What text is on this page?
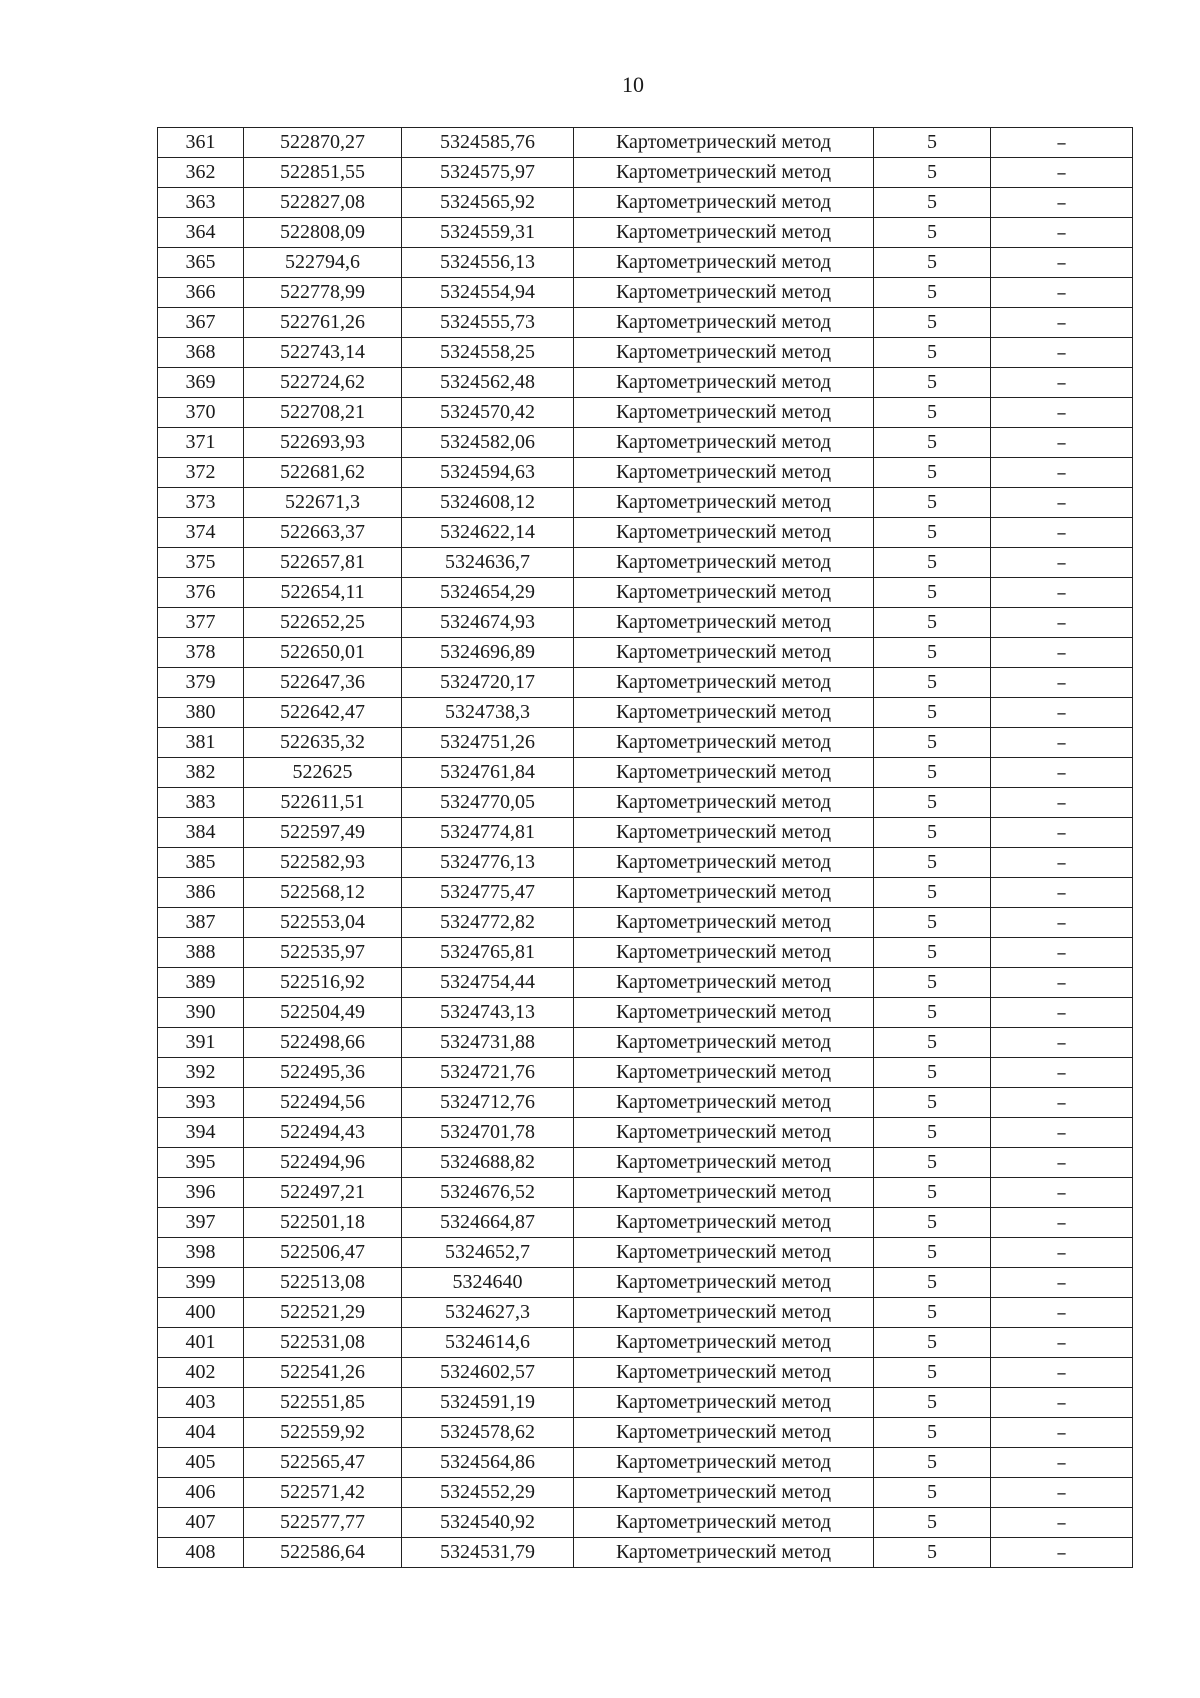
10
361	522870,27	5324585,76	Картометрический метод	5	–
362	522851,55	5324575,97	Картометрический метод	5	–
363	522827,08	5324565,92	Картометрический метод	5	–
364	522808,09	5324559,31	Картометрический метод	5	–
365	522794,6	5324556,13	Картометрический метод	5	–
366	522778,99	5324554,94	Картометрический метод	5	–
367	522761,26	5324555,73	Картометрический метод	5	–
368	522743,14	5324558,25	Картометрический метод	5	–
369	522724,62	5324562,48	Картометрический метод	5	–
370	522708,21	5324570,42	Картометрический метод	5	–
371	522693,93	5324582,06	Картометрический метод	5	–
372	522681,62	5324594,63	Картометрический метод	5	–
373	522671,3	5324608,12	Картометрический метод	5	–
374	522663,37	5324622,14	Картометрический метод	5	–
375	522657,81	5324636,7	Картометрический метод	5	–
376	522654,11	5324654,29	Картометрический метод	5	–
377	522652,25	5324674,93	Картометрический метод	5	–
378	522650,01	5324696,89	Картометрический метод	5	–
379	522647,36	5324720,17	Картометрический метод	5	–
380	522642,47	5324738,3	Картометрический метод	5	–
381	522635,32	5324751,26	Картометрический метод	5	–
382	522625	5324761,84	Картометрический метод	5	–
383	522611,51	5324770,05	Картометрический метод	5	–
384	522597,49	5324774,81	Картометрический метод	5	–
385	522582,93	5324776,13	Картометрический метод	5	–
386	522568,12	5324775,47	Картометрический метод	5	–
387	522553,04	5324772,82	Картометрический метод	5	–
388	522535,97	5324765,81	Картометрический метод	5	–
389	522516,92	5324754,44	Картометрический метод	5	–
390	522504,49	5324743,13	Картометрический метод	5	–
391	522498,66	5324731,88	Картометрический метод	5	–
392	522495,36	5324721,76	Картометрический метод	5	–
393	522494,56	5324712,76	Картометрический метод	5	–
394	522494,43	5324701,78	Картометрический метод	5	–
395	522494,96	5324688,82	Картометрический метод	5	–
396	522497,21	5324676,52	Картометрический метод	5	–
397	522501,18	5324664,87	Картометрический метод	5	–
398	522506,47	5324652,7	Картометрический метод	5	–
399	522513,08	5324640	Картометрический метод	5	–
400	522521,29	5324627,3	Картометрический метод	5	–
401	522531,08	5324614,6	Картометрический метод	5	–
402	522541,26	5324602,57	Картометрический метод	5	–
403	522551,85	5324591,19	Картометрический метод	5	–
404	522559,92	5324578,62	Картометрический метод	5	–
405	522565,47	5324564,86	Картометрический метод	5	–
406	522571,42	5324552,29	Картометрический метод	5	–
407	522577,77	5324540,92	Картометрический метод	5	–
408	522586,64	5324531,79	Картометрический метод	5	–
